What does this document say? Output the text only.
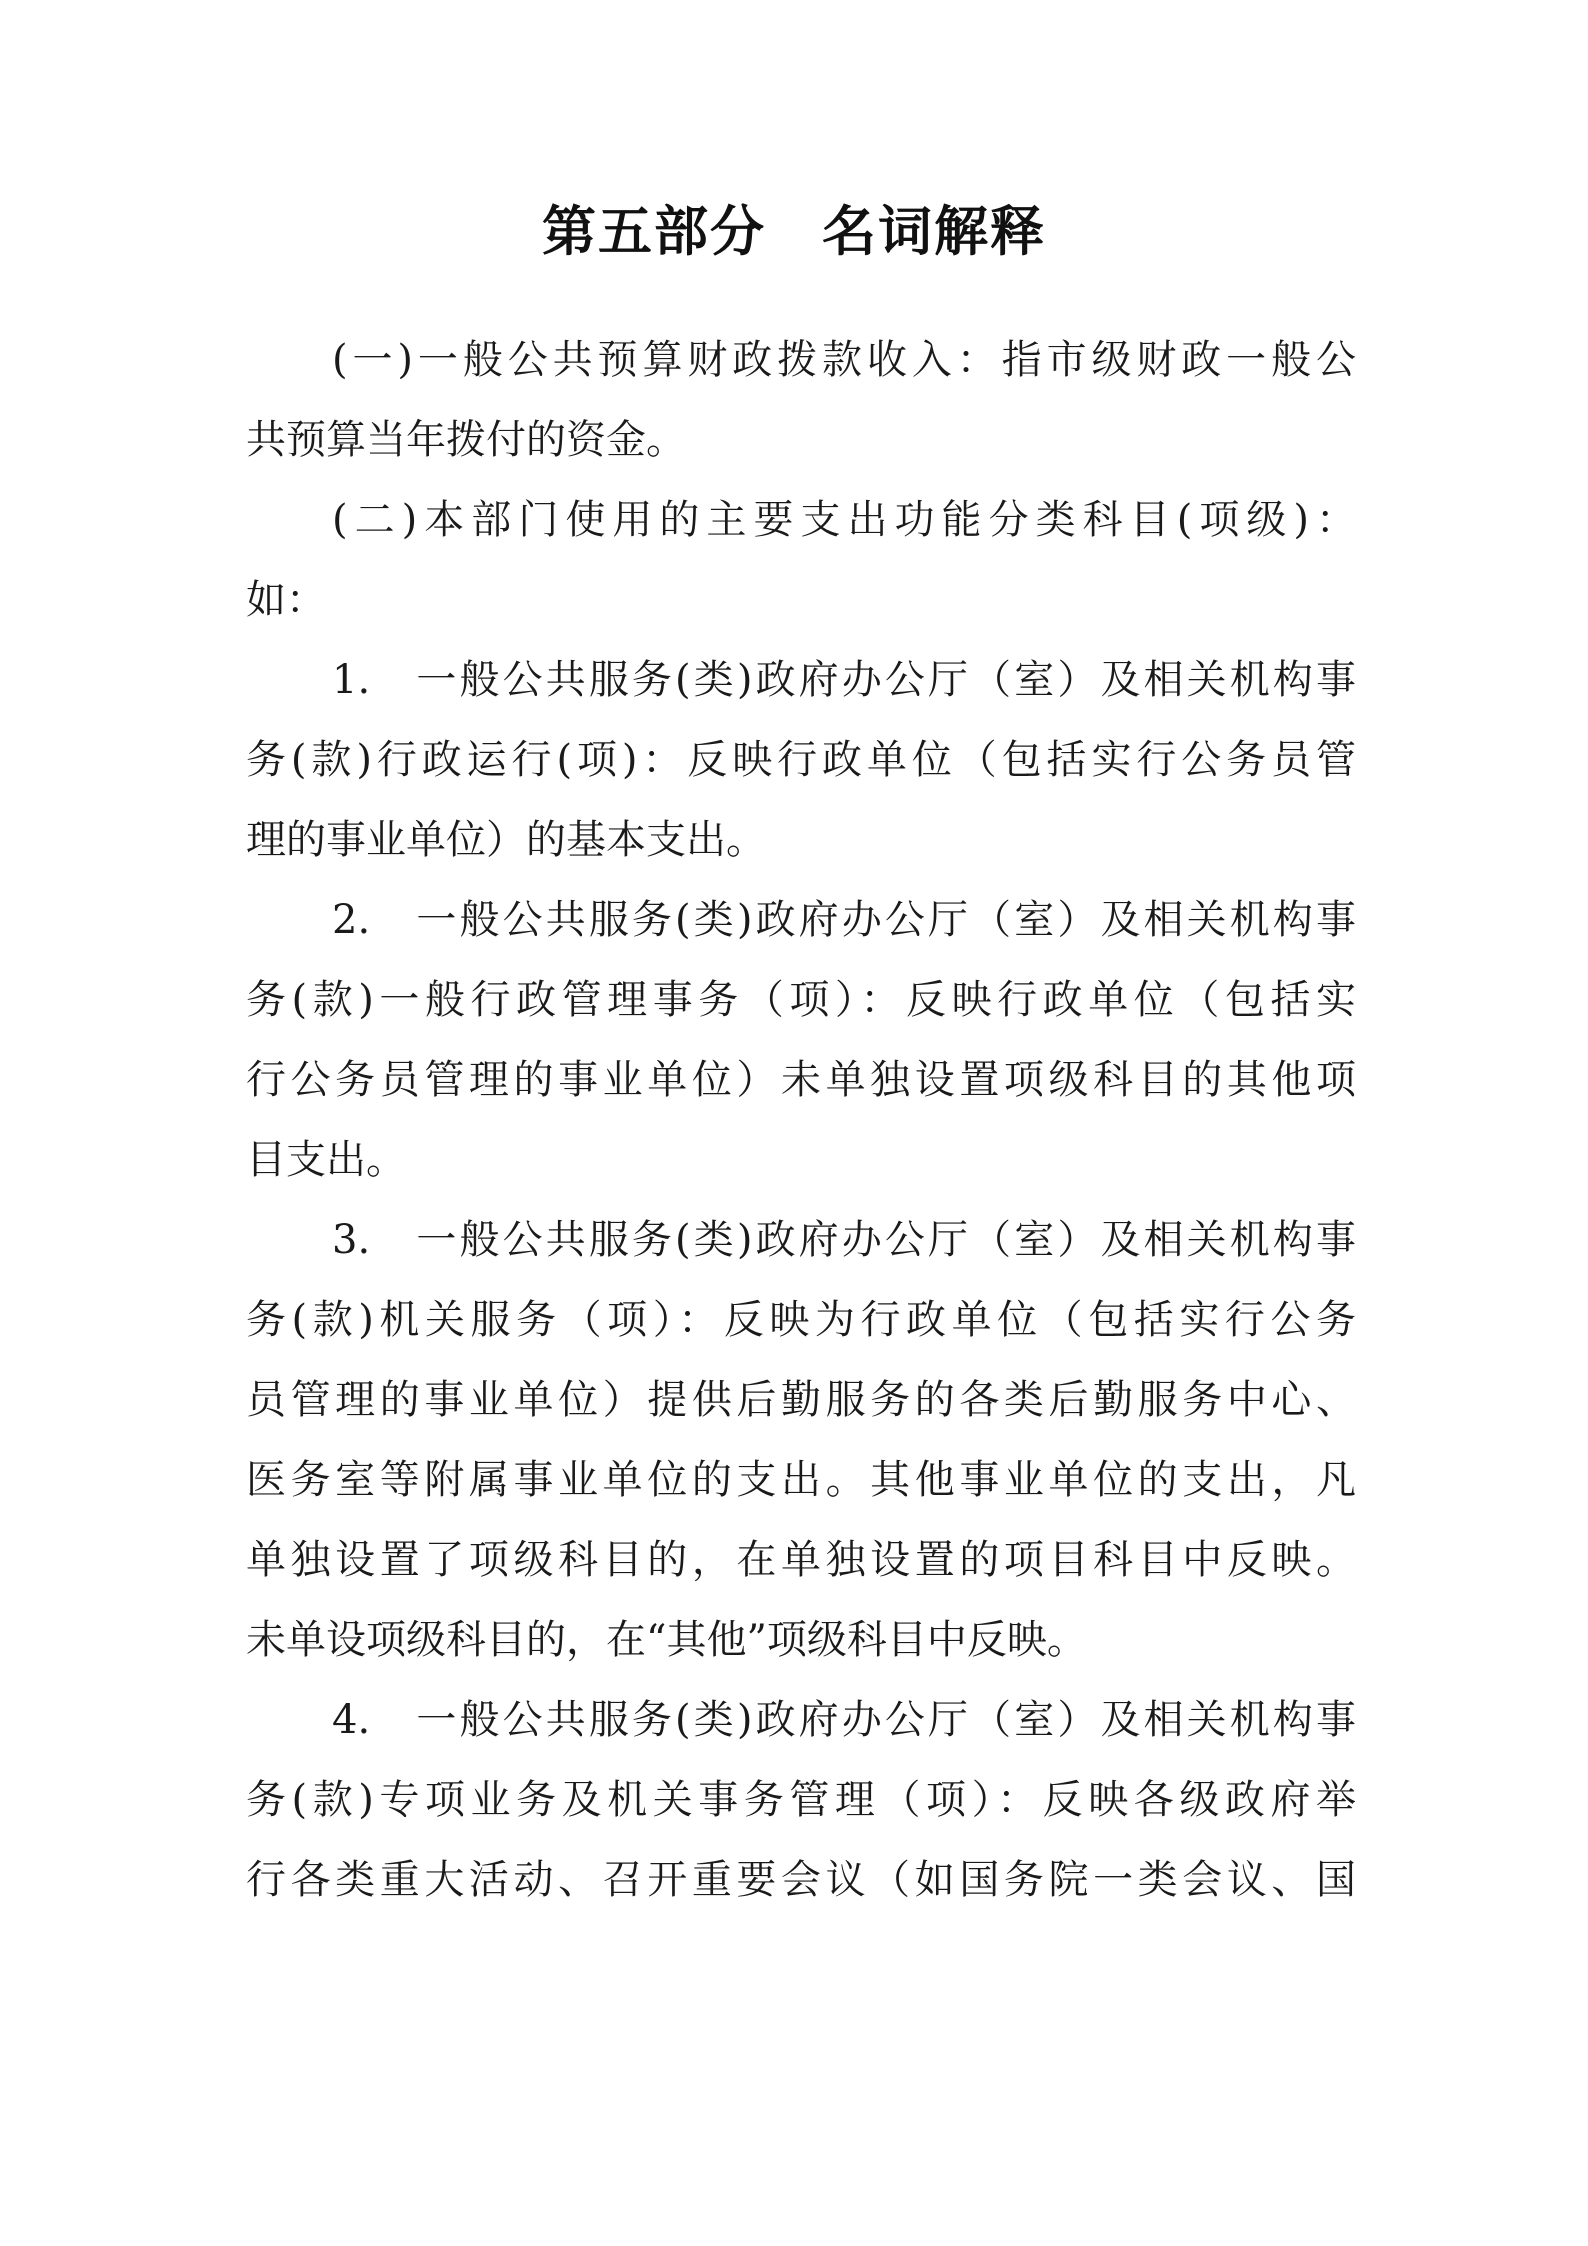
第五部分　名词解释
(一)一般公共预算财政拨款收入：指市级财政一般公
共预算当年拨付的资金。
(二)本部门使用的主要支出功能分类科目(项级)：
如：
1.　一般公共服务(类)政府办公厅（室）及相关机构事
务(款)行政运行(项)：反映行政单位（包括实行公务员管
理的事业单位）的基本支出。
2.　一般公共服务(类)政府办公厅（室）及相关机构事
务(款)一般行政管理事务（项）：反映行政单位（包括实
行公务员管理的事业单位）未单独设置项级科目的其他项
目支出。
3.　一般公共服务(类)政府办公厅（室）及相关机构事
务(款)机关服务（项）：反映为行政单位（包括实行公务
员管理的事业单位）提供后勤服务的各类后勤服务中心、
医务室等附属事业单位的支出。其他事业单位的支出，凡
单独设置了项级科目的，在单独设置的项目科目中反映。
未单设项级科目的，在“其他”项级科目中反映。
4.　一般公共服务(类)政府办公厅（室）及相关机构事
务(款)专项业务及机关事务管理（项）：反映各级政府举
行各类重大活动、召开重要会议（如国务院一类会议、国
